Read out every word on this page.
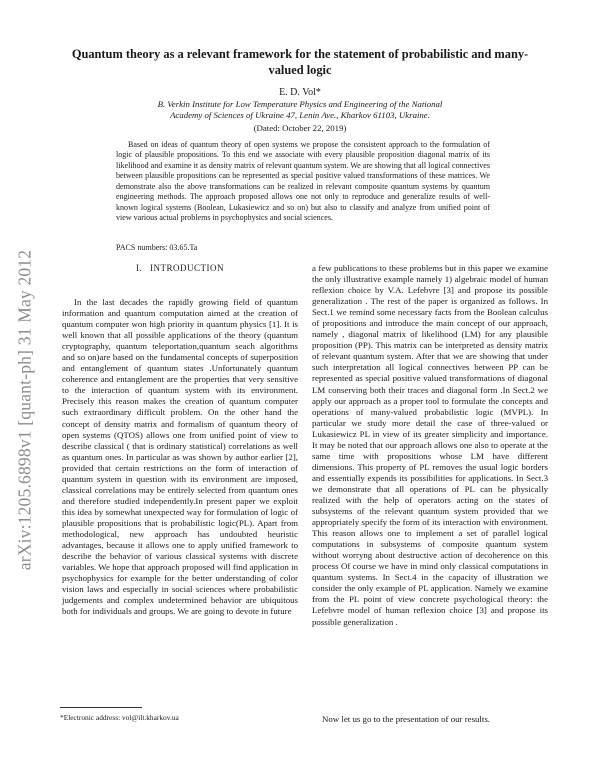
arXiv:1205.6898v1 [quant-ph] 31 May 2012
Quantum theory as a relevant framework for the statement of probabilistic and many-valued logic
E. D. Vol*
B. Verkin Institute for Low Temperature Physics and Engineering of the National
Academy of Sciences of Ukraine 47, Lenin Ave., Kharkov 61103, Ukraine.
(Dated: October 22, 2019)

Based on ideas of quantum theory of open systems we propose the consistent approach to the formulation of logic of plausible propositions. To this end we associate with every plausible proposition diagonal matrix of its likelihood and examine it as density matrix of relevant quantum system. We are showing that all logical connectives between plausible propositions can be represented as special positive valued transformations of these matrices. We demonstrate also the above transformations can be realized in relevant composite quantum systems by quantum engineering methods. The approach proposed allows one not only to reproduce and generalize results of well-known logical systems (Boolean, Lukasiewicz and so on) but also to classify and analyze from unified point of view various actual problems in psychophysics and social sciences.

PACS numbers: 03.65.Ta
I. INTRODUCTION

In the last decades the rapidly growing field of quantum information and quantum computation aimed at the creation of quantum computer won high priority in quantum physics [1]. It is well known that all possible applications of the theory (quantum cryptography, quantum teleportation,quantum seach algorithms and so on)are based on the fundamental concepts of superposition and entanglement of quantum states .Unfortunately quantum coherence and entanglement are the properties that very sensitive to the interaction of quantum system with its environment. Precisely this reason makes the creation of quantum computer such extraordinary difficult problem. On the other hand the concept of density matrix and formalism of quantum theory of open systems (QTOS) allows one from unified point of view to describe classical ( that is ordinary statistical) correlations as well as quantum ones. In particular as was shown by author earlier [2], provided that certain restrictions on the form of interaction of quantum system in question with its environment are imposed, classical correlations may be entirely selected from quantum ones and therefore studied independently.In present paper we exploit this idea by somewhat unexpected way for formulation of logic of plausible propositions that is probabilistic logic(PL). Apart from methodological, new approach has undoubted heuristic advantages, because it allows one to apply unified framework to describe the behavior of various classical systems with discrete variables. We hope that approach proposed will find application in psychophysics for example for the better understanding of color vision laws and especially in social sciences where probabilistic judgements and complex undetermined behavior are ubiquitous both for individuals and groups. We are going to devote in future

a few publications to these problems but in this paper we examine the only illustrative example namely 1) algebraic model of human reflexion choice by V.A. Lefebvre [3] and propose its possible generalization . The rest of the paper is organized as follows. In Sect.1 we remind some necessary facts from the Boolean calculus of propositions and introduce the main concept of our approach, namely , diagonal matrix of likelihood (LM) for any plausible proposition (PP). This matrix can be interpreted as density matrix of relevant quantum system. After that we are showing that under such interpretation all logical connectives between PP can be represented as special positive valued transformations of diagonal LM conserving both their traces and diagonal form .In Sect.2 we apply our approach as a proper tool to formulate the concepts and operations of many-valued probabilistic logic (MVPL). In particular we study more detail the case of three-valued or Lukasiewicz PL in view of its greater simplicity and importance. It may be noted that our approach allows one also to operate at the same time with propositions whose LM have different dimensions. This property of PL removes the usual logic borders and essentially expends its possibilities for applications. In Sect.3 we demonstrate that all operations of PL can be physically realized with the help of operators acting on the states of subsystems of the relevant quantum system provided that we appropriately specify the form of its interaction with environment. This reason allows one to implement a set of parallel logical computations in subsystems of composite quantum system without worryng about destructive action of decoherence on this process Of course we have in mind only classical computations in quantum systems. In Sect.4 in the capacity of illustration we consider the only example of PL application. Namely we examine from the PL point of view concrete psychological theory: the Lefebvre model of human reflexion choice [3] and propose its possible generalization .

*Electronic address: vol@ilt.kharkov.ua	Now let us go to the presentation of our results.
